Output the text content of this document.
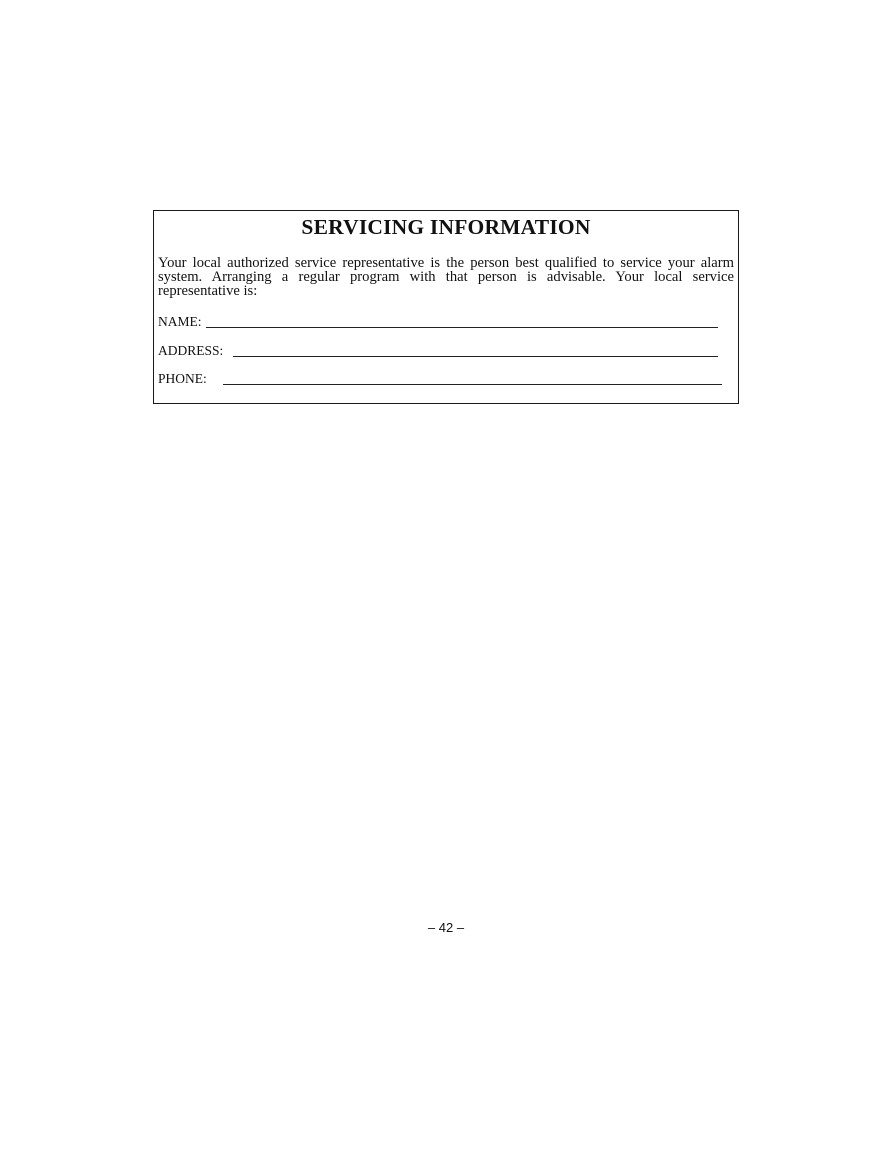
SERVICING INFORMATION

Your local authorized service representative is the person best qualified to service your alarm system. Arranging a regular program with that person is advisable. Your local service representative is:

NAME:
ADDRESS:
PHONE:
– 42 –
